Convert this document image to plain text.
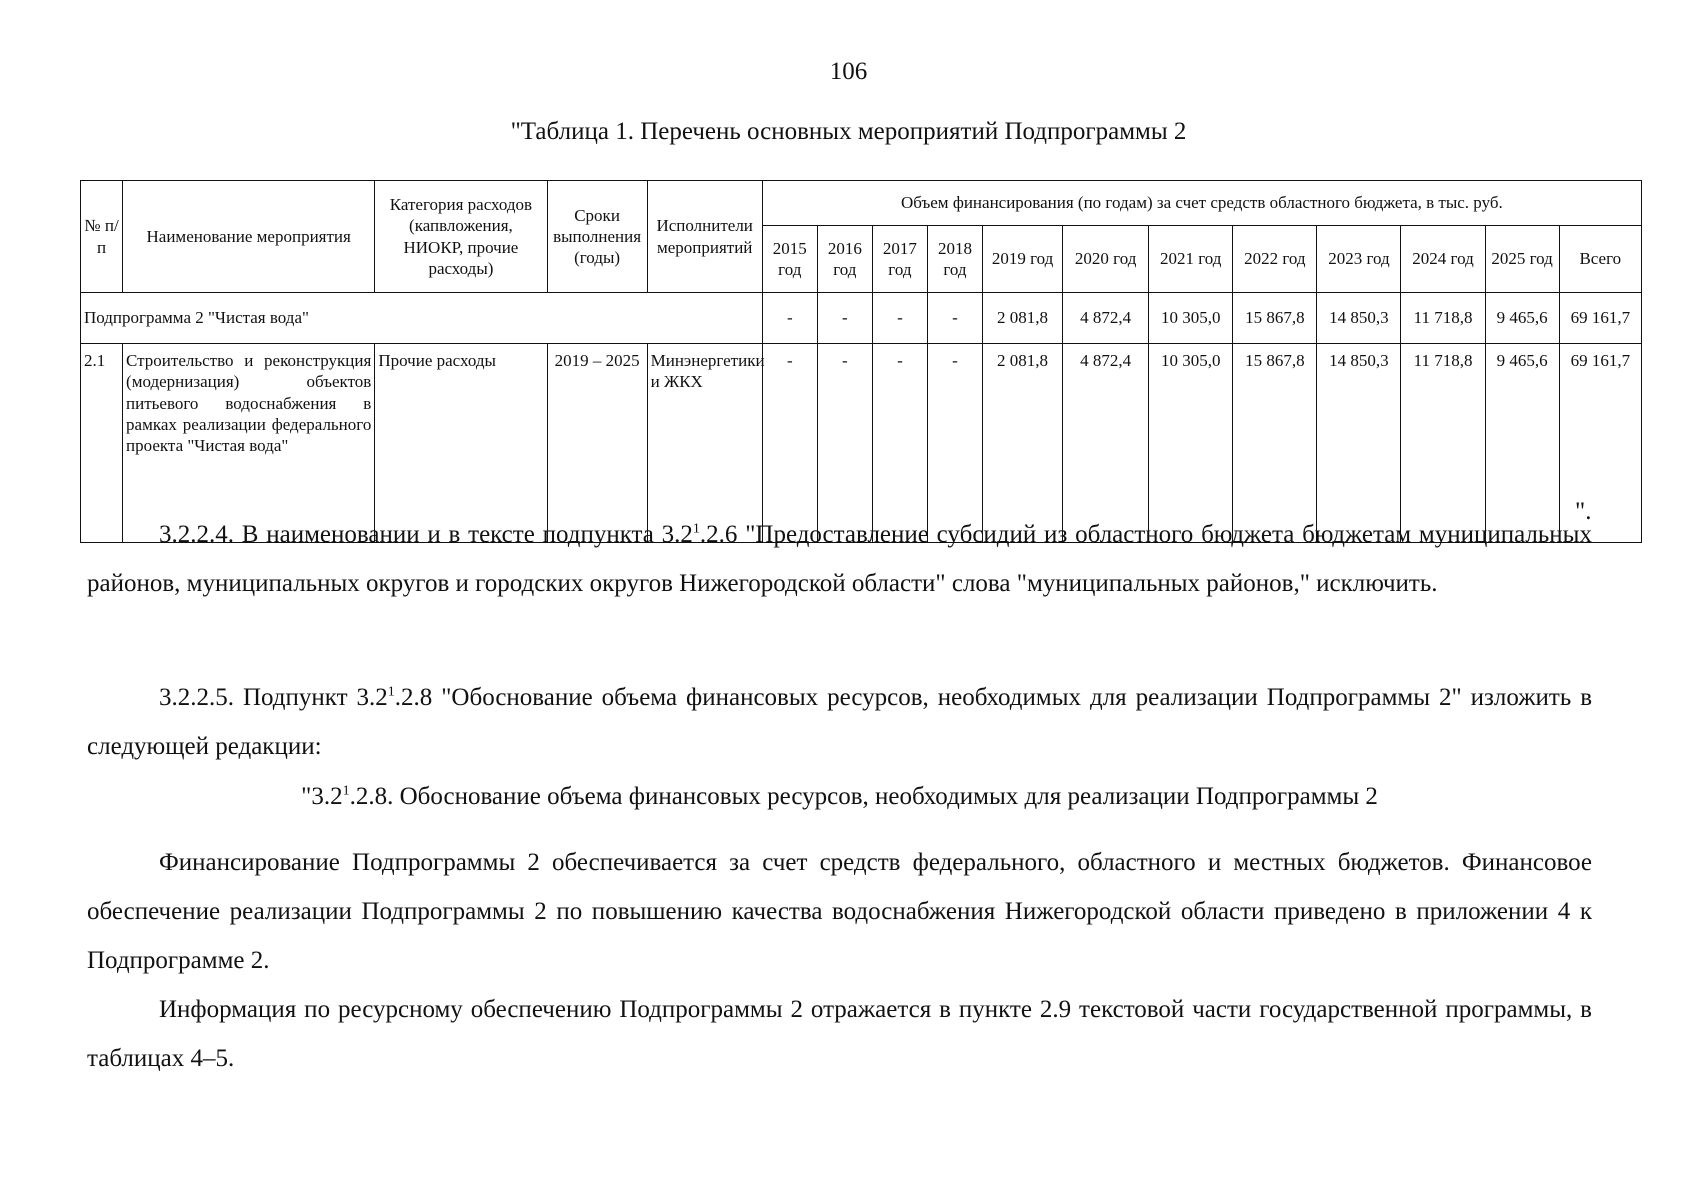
106
"Таблица 1. Перечень основных мероприятий Подпрограммы 2
№ п/п	Наименование мероприятия	Категория расходов (капвложения, НИОКР, прочие расходы)	Сроки выполнения (годы)	Исполнители мероприятий	Объем финансирования (по годам) за счет средств областного бюджета, в тыс. руб.											
					2015 год	2016 год	2017 год	2018 год	2019 год	2020 год	2021 год	2022 год	2023 год	2024 год	2025 год	Всего
Подпрограмма 2 "Чистая вода"					-	-	-	-	2 081,8	4 872,4	10 305,0	15 867,8	14 850,3	11 718,8	9 465,6	69 161,7
2.1	Строительство и реконструкция (модернизация) объектов питьевого водоснабжения в рамках реализации федерального проекта "Чистая вода"	Прочие расходы	2019 – 2025	Минэнергетики и ЖКХ	-	-	-	-	2 081,8	4 872,4	10 305,0	15 867,8	14 850,3	11 718,8	9 465,6	69 161,7
".

3.2.2.4. В наименовании и в тексте подпункта $3.2^1.2.6$ "Предоставление субсидий из областного бюджета бюджетам муниципальных районов, муниципальных округов и городских округов Нижегородской области" слова "муниципальных районов," исключить.

3.2.2.5. Подпункт $3.2^1.2.8$ "Обоснование объема финансовых ресурсов, необходимых для реализации Подпрограммы 2" изложить в следующей редакции:

"$3.2^1.2.8$. Обоснование объема финансовых ресурсов, необходимых для реализации Подпрограммы 2

Финансирование Подпрограммы 2 обеспечивается за счет средств федерального, областного и местных бюджетов. Финансовое обеспечение реализации Подпрограммы 2 по повышению качества водоснабжения Нижегородской области приведено в приложении 4 к Подпрограмме 2.

Информация по ресурсному обеспечению Подпрограммы 2 отражается в пункте 2.9 текстовой части государственной программы, в таблицах 4–5.
